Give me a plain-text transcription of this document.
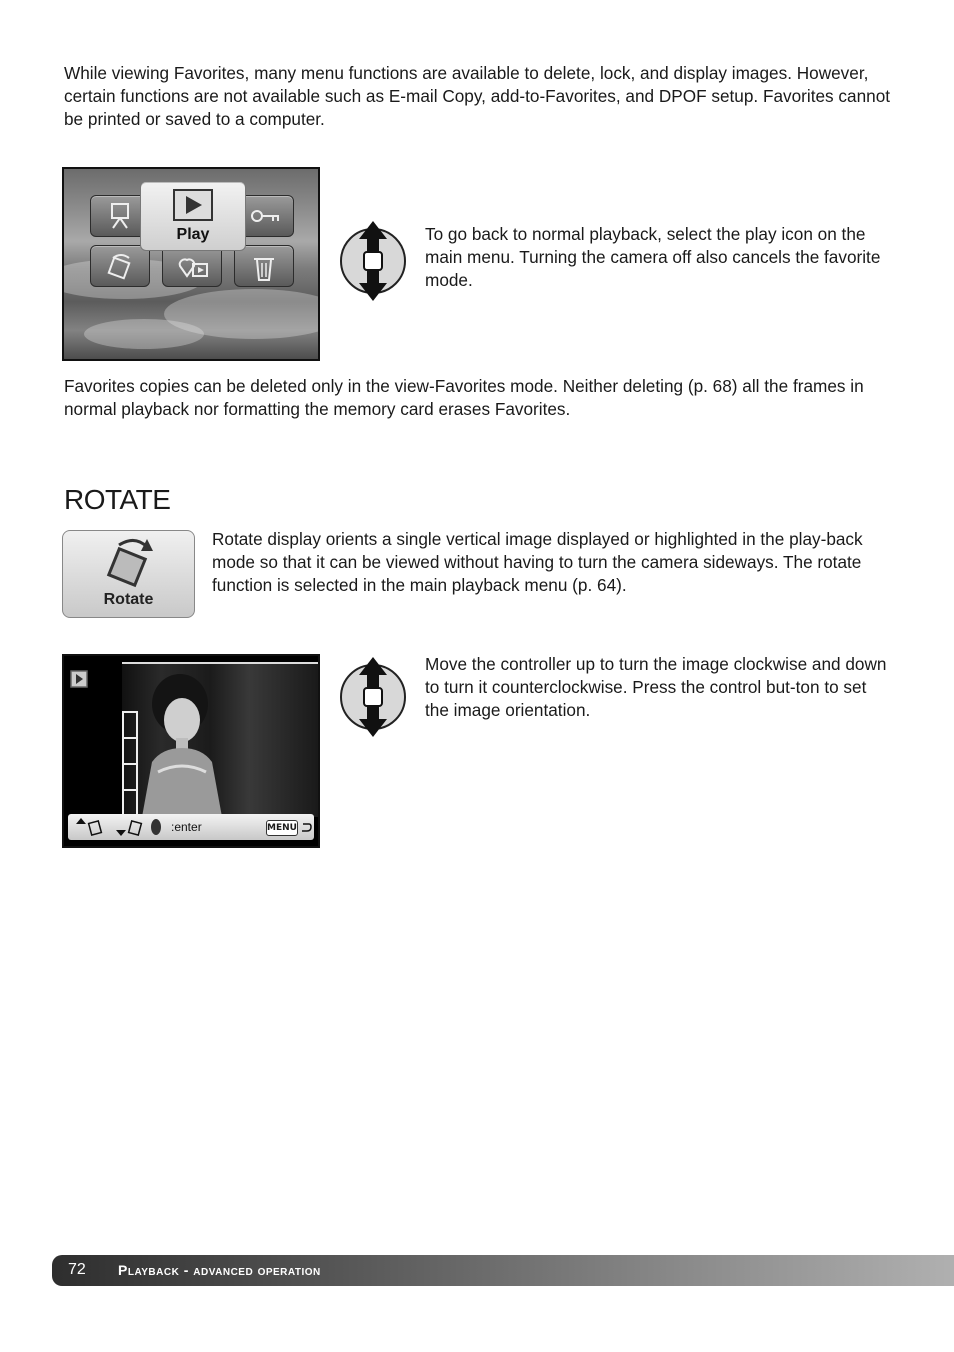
While viewing Favorites, many menu functions are available to delete, lock, and display images. However, certain functions are not available such as E-mail Copy, add-to-Favorites, and DPOF setup. Favorites cannot be printed or saved to a computer.

Play	To go back to normal playback, select the play icon on the main menu. Turning the camera off also cancels the favorite mode.

Favorites copies can be deleted only in the view-Favorites mode. Neither deleting (p. 68) all the frames in normal playback nor formatting the memory card erases Favorites.

ROTATE
Rotate

Rotate display orients a single vertical image displayed or highlighted in the play-back mode so that it can be viewed without having to turn the camera sideways. The rotate function is selected in the main playback menu (p. 64).

:enter	MENU

Move the controller up to turn the image clockwise and down to turn it counterclockwise. Press the control but-ton to set the image orientation.

72 Playback - advanced operation
